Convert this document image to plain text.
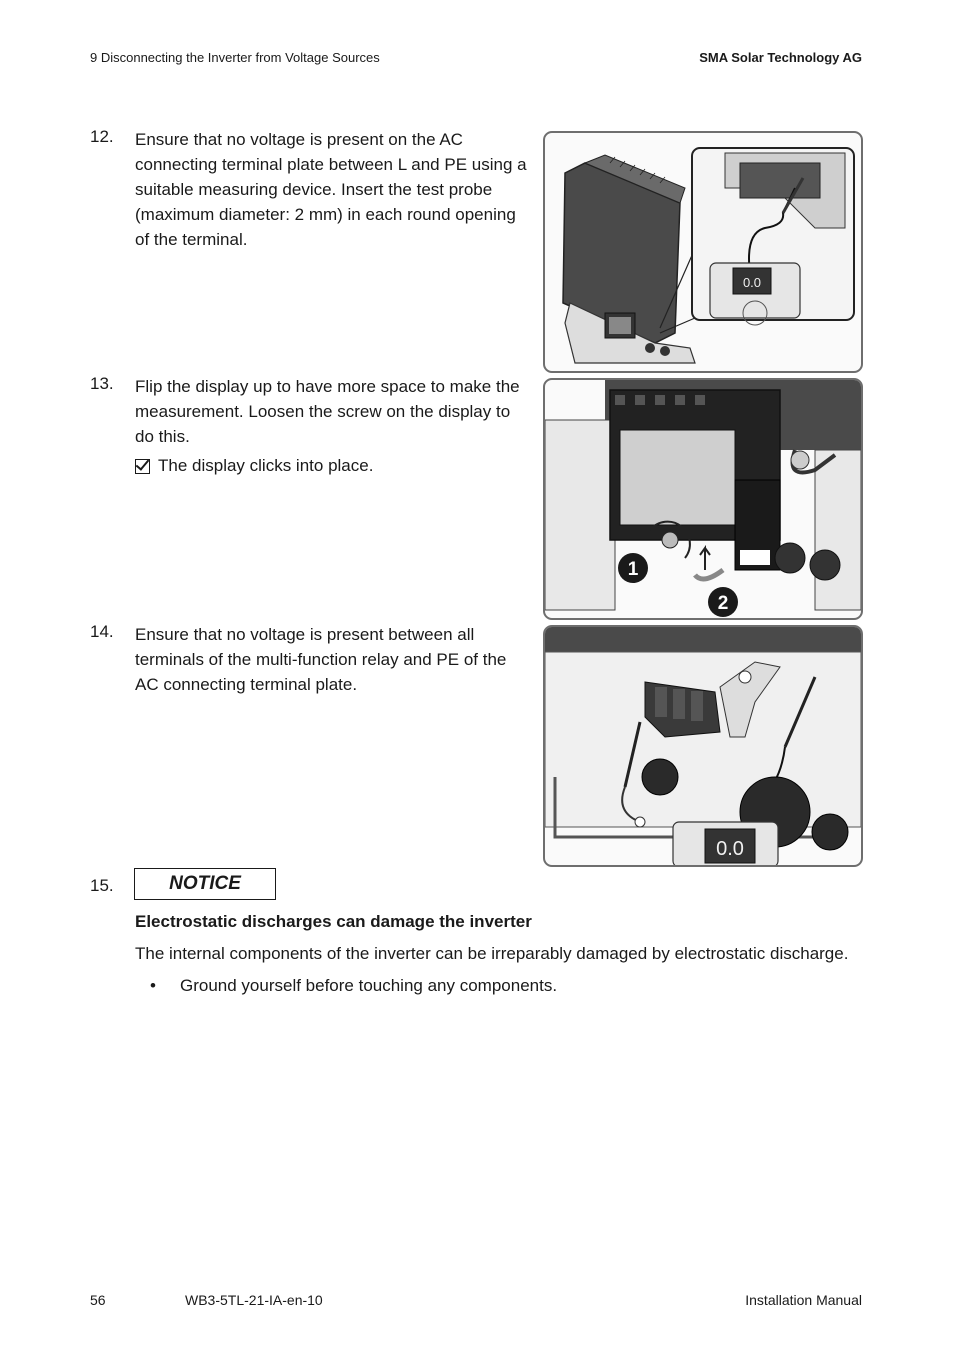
9 Disconnecting the Inverter from Voltage Sources	SMA Solar Technology AG
12. Ensure that no voltage is present on the AC connecting terminal plate between L and PE using a suitable measuring device. Insert the test probe (maximum diameter: 2 mm) in each round opening of the terminal.
0.0
13. Flip the display up to have more space to make the measurement. Loosen the screw on the display to do this.
The display clicks into place.
1
2
14. Ensure that no voltage is present between all terminals of the multi-function relay and PE of the AC connecting terminal plate.
0.0
15.	NOTICE
Electrostatic discharges can damage the inverter
The internal components of the inverter can be irreparably damaged by electrostatic discharge.
• Ground yourself before touching any components.
56	WB3-5TL-21-IA-en-10	Installation Manual
